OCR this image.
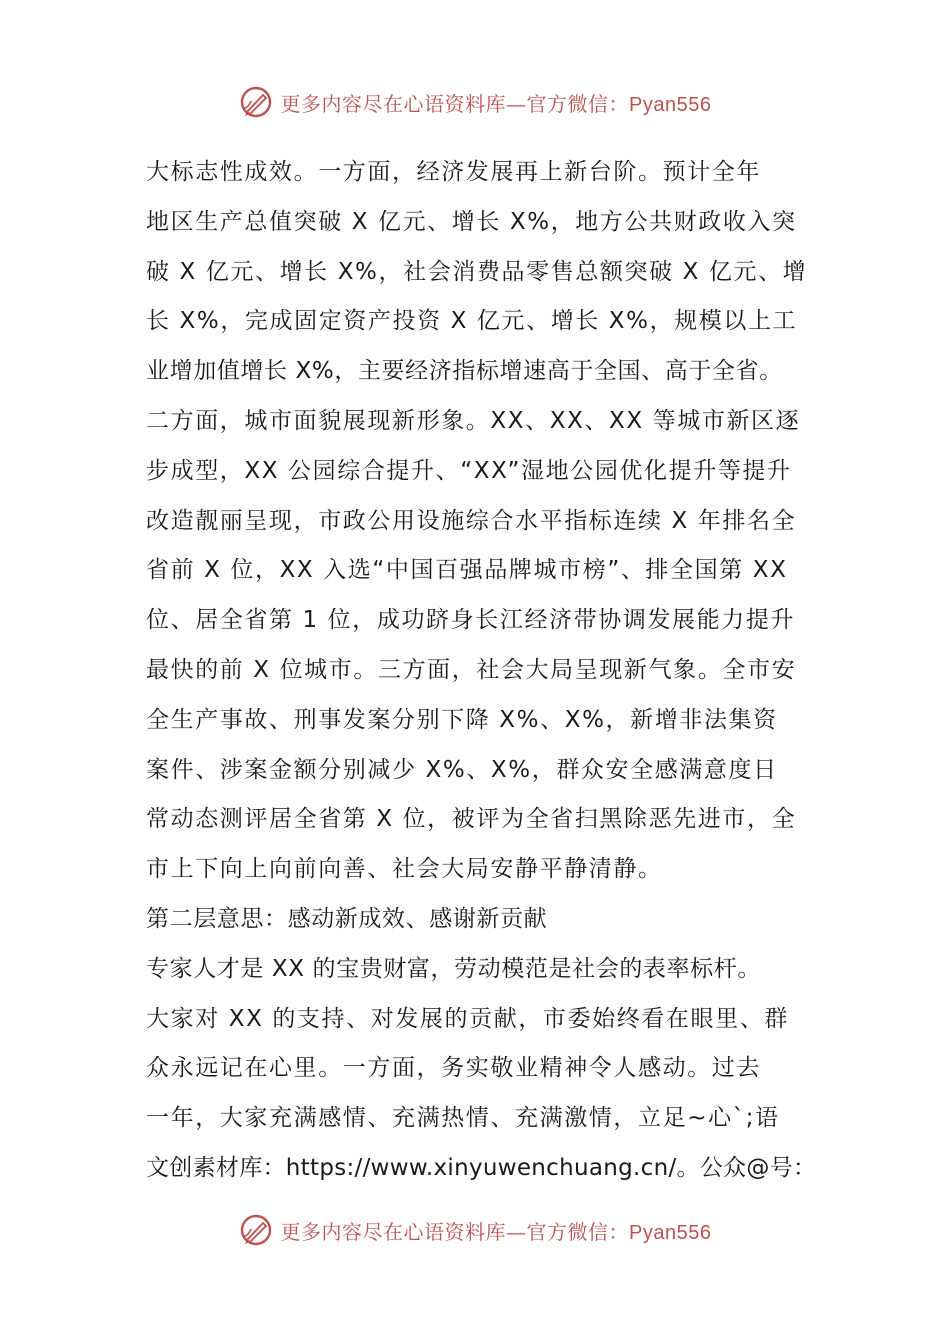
更多内容尽在心语资料库—官方微信：Pyan556
大标志性成效。一方面，经济发展再上新台阶。预计全年
地区生产总值突破 X 亿元、增长 X%，地方公共财政收入突
破 X 亿元、增长 X%，社会消费品零售总额突破 X 亿元、增
长 X%，完成固定资产投资 X 亿元、增长 X%，规模以上工
业增加值增长 X%，主要经济指标增速高于全国、高于全省。
二方面，城市面貌展现新形象。XX、XX、XX 等城市新区逐
步成型，XX 公园综合提升、“XX”湿地公园优化提升等提升
改造靓丽呈现，市政公用设施综合水平指标连续 X 年排名全
省前 X 位，XX 入选“中国百强品牌城市榜”、排全国第 XX
位、居全省第 1 位，成功跻身长江经济带协调发展能力提升
最快的前 X 位城市。三方面，社会大局呈现新气象。全市安
全生产事故、刑事发案分别下降 X%、X%，新增非法集资
案件、涉案金额分别减少 X%、X%，群众安全感满意度日
常动态测评居全省第 X 位，被评为全省扫黑除恶先进市，全
市上下向上向前向善、社会大局安静平静清静。
第二层意思：感动新成效、感谢新贡献
专家人才是 XX 的宝贵财富，劳动模范是社会的表率标杆。
大家对 XX 的支持、对发展的贡献，市委始终看在眼里、群
众永远记在心里。一方面，务实敬业精神令人感动。过去
一年，大家充满感情、充满热情、充满激情，立足~心`;语
文创素材库：https://www.xinyuwenchuang.cn/。公众@号：
更多内容尽在心语资料库—官方微信：Pyan556
